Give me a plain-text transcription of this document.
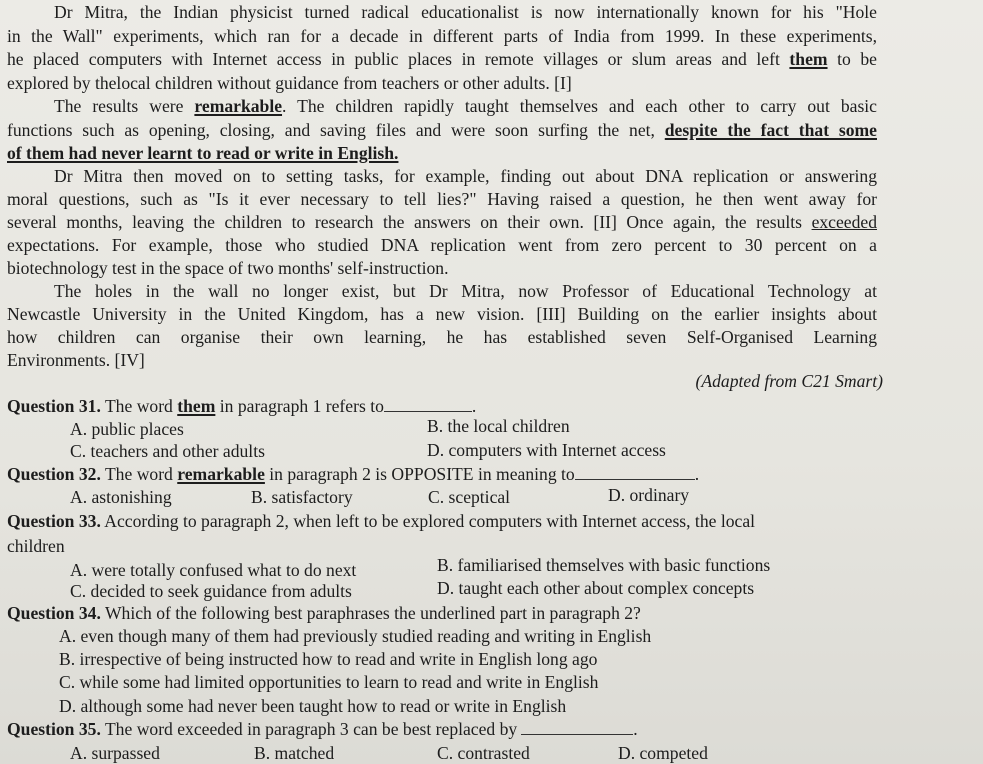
Dr Mitra, the Indian physicist turned radical educationalist is now internationally known for his "Hole
in the Wall" experiments, which ran for a decade in different parts of India from 1999. In these experiments,
he placed computers with Internet access in public places in remote villages or slum areas and left them to be
explored by thelocal children without guidance from teachers or other adults. [I]
The results were remarkable. The children rapidly taught themselves and each other to carry out basic
functions such as opening, closing, and saving files and were soon surfing the net, despite the fact that some
of them had never learnt to read or write in English.
Dr Mitra then moved on to setting tasks, for example, finding out about DNA replication or answering
moral questions, such as "Is it ever necessary to tell lies?" Having raised a question, he then went away for
several months, leaving the children to research the answers on their own. [II] Once again, the results exceeded
expectations. For example, those who studied DNA replication went from zero percent to 30 percent on a
biotechnology test in the space of two months' self-instruction.
The holes in the wall no longer exist, but Dr Mitra, now Professor of Educational Technology at
Newcastle University in the United Kingdom, has a new vision. [III] Building on the earlier insights about
how children can organise their own learning, he has established seven Self-Organised Learning
Environments. [IV]
(Adapted from C21 Smart)
Question 31. The word them in paragraph 1 refers to	.
A. public places	B. the local children
C. teachers and other adults	D. computers with Internet access
Question 32. The word remarkable in paragraph 2 is OPPOSITE in meaning to	.
A. astonishing	B. satisfactory	C. sceptical	D. ordinary
Question 33. According to paragraph 2, when left to be explored computers with Internet access, the local
children
A. were totally confused what to do next	B. familiarised themselves with basic functions
C. decided to seek guidance from adults	D. taught each other about complex concepts
Question 34. Which of the following best paraphrases the underlined part in paragraph 2?
A. even though many of them had previously studied reading and writing in English
B. irrespective of being instructed how to read and write in English long ago
C. while some had limited opportunities to learn to read and write in English
D. although some had never been taught how to read or write in English
Question 35. The word exceeded in paragraph 3 can be best replaced by	.
A. surpassed	B. matched	C. contrasted	D. competed
